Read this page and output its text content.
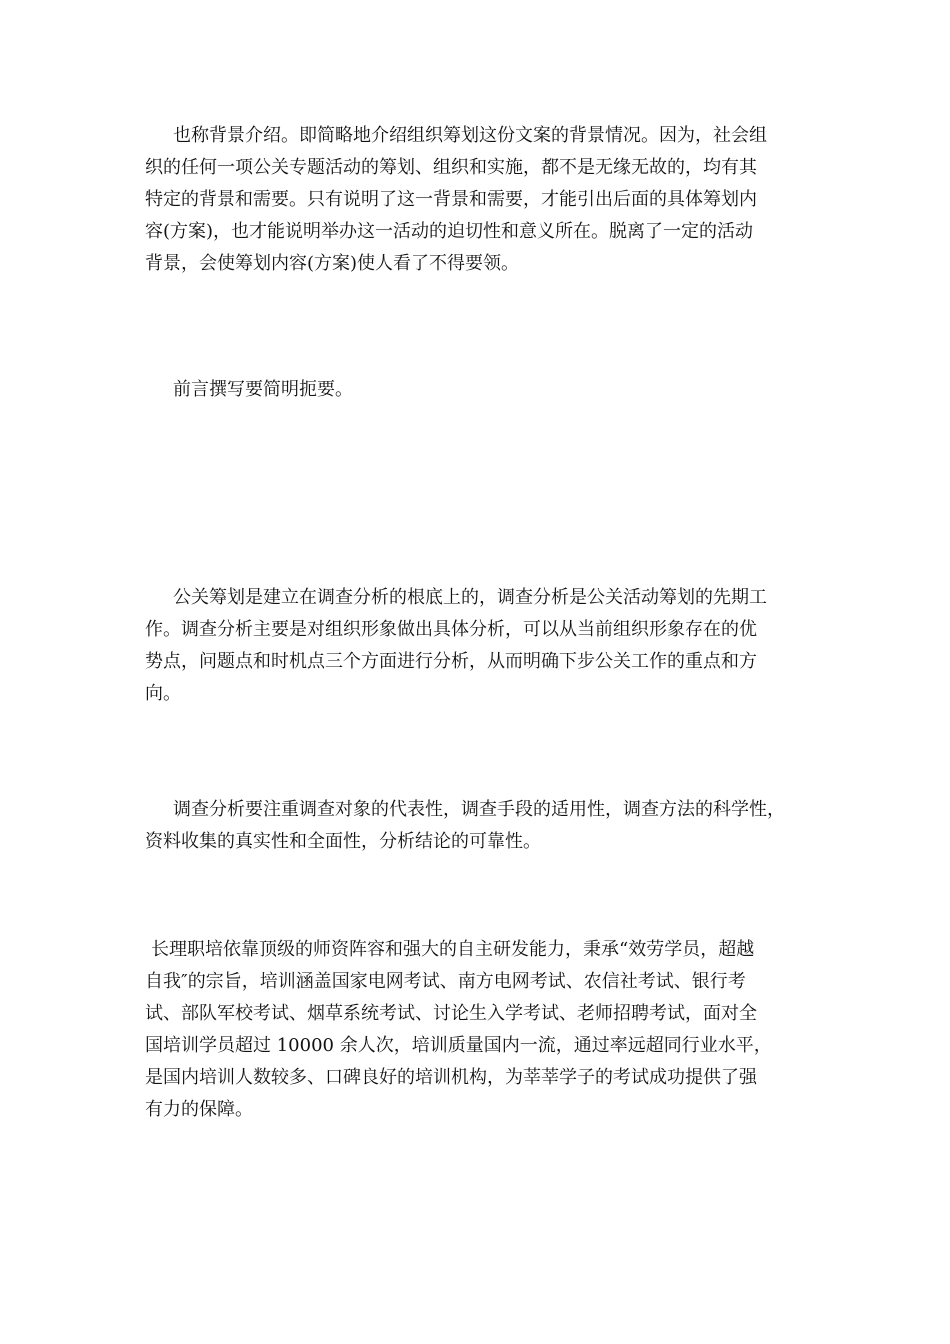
也称背景介绍。即简略地介绍组织筹划这份文案的背景情况。因为，社会组
织的任何一项公关专题活动的筹划、组织和实施，都不是无缘无故的，均有其
特定的背景和需要。只有说明了这一背景和需要，才能引出后面的具体筹划内
容(方案)，也才能说明举办这一活动的迫切性和意义所在。脱离了一定的活动
背景，会使筹划内容(方案)使人看了不得要领。

前言撰写要简明扼要。

公关筹划是建立在调查分析的根底上的，调查分析是公关活动筹划的先期工
作。调查分析主要是对组织形象做出具体分析，可以从当前组织形象存在的优
势点，问题点和时机点三个方面进行分析，从而明确下步公关工作的重点和方
向。

调查分析要注重调查对象的代表性，调查手段的适用性，调查方法的科学性，
资料收集的真实性和全面性，分析结论的可靠性。

长理职培依靠顶级的师资阵容和强大的自主研发能力，秉承“效劳学员，超越
自我″的宗旨，培训涵盖国家电网考试、南方电网考试、农信社考试、银行考
试、部队军校考试、烟草系统考试、讨论生入学考试、老师招聘考试，面对全
国培训学员超过 10000 余人次，培训质量国内一流，通过率远超同行业水平，
是国内培训人数较多、口碑良好的培训机构，为莘莘学子的考试成功提供了强
有力的保障。
